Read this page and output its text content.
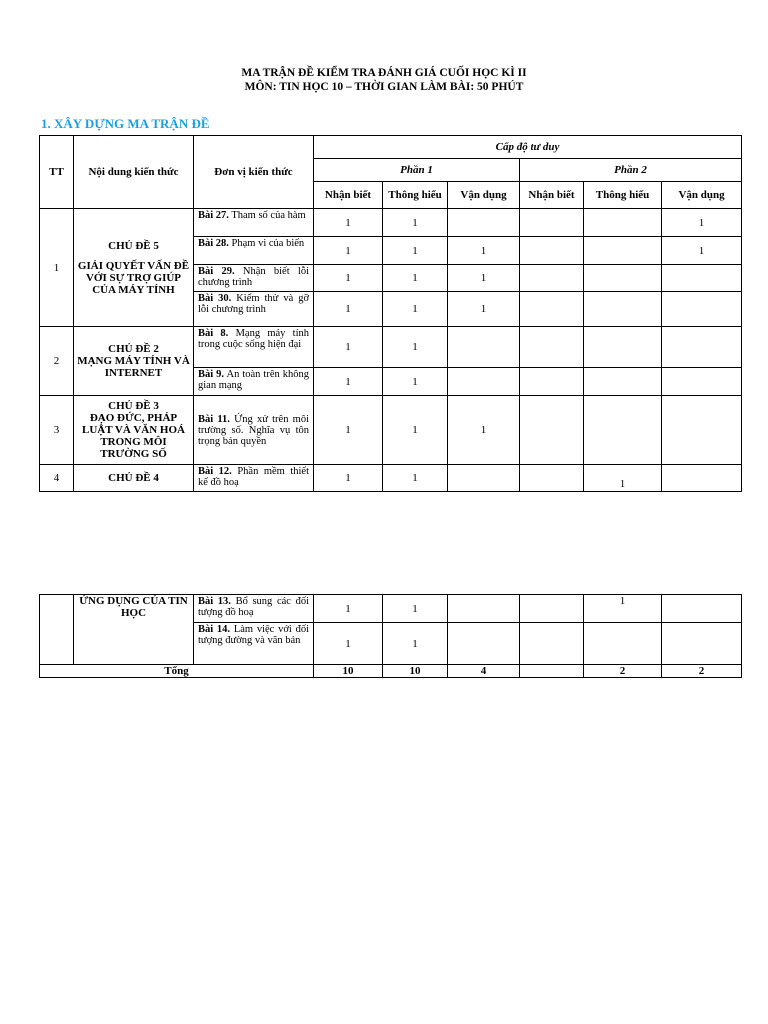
MA TRẬN ĐỀ KIỂM TRA ĐÁNH GIÁ CUỐI HỌC KÌ II
MÔN: TIN HỌC 10 – THỜI GIAN LÀM BÀI: 50 PHÚT
1. XÂY DỰNG MA TRẬN ĐỀ
TT	Nội dung kiến thức	Đơn vị kiến thức	Cấp độ tư duy					
			Phần 1			Phần 2		
			Nhận biết	Thông hiểu	Vận dụng	Nhận biết	Thông hiểu	Vận dụng
1	CHỦ ĐỀ 5
GIẢI QUYẾT VẤN ĐỀ VỚI SỰ TRỢ GIÚP CỦA MÁY TÍNH	Bài 27. Tham số của hàm	1	1				1
		Bài 28. Phạm vi của biến	1	1	1			1
		Bài 29. Nhận biết lỗi chương trình	1	1	1			
		Bài 30. Kiểm thử và gỡ lỗi chương trình	1	1	1			
2	CHỦ ĐỀ 2
MẠNG MÁY TÍNH VÀ INTERNET	Bài 8. Mạng máy tính trong cuộc sống hiện đại	1	1				
		Bài 9. An toàn trên không gian mạng	1	1				
3	CHỦ ĐỀ 3
ĐẠO ĐỨC, PHÁP LUẬT VÀ VĂN HOÁ TRONG MÔI TRƯỜNG SỐ	Bài 11. Ứng xử trên môi trường số. Nghĩa vụ tôn trọng bản quyền	1	1	1			
4	CHỦ ĐỀ 4	Bài 12. Phần mềm thiết kế đồ hoạ	1	1			1	
	ỨNG DỤNG CỦA TIN HỌC	Bài 13. Bổ sung các đối tượng đồ hoạ	1	1			1	
		Bài 14. Làm việc với đối tượng đường và văn bản	1	1				
Tổng			10	10	4		2	2
